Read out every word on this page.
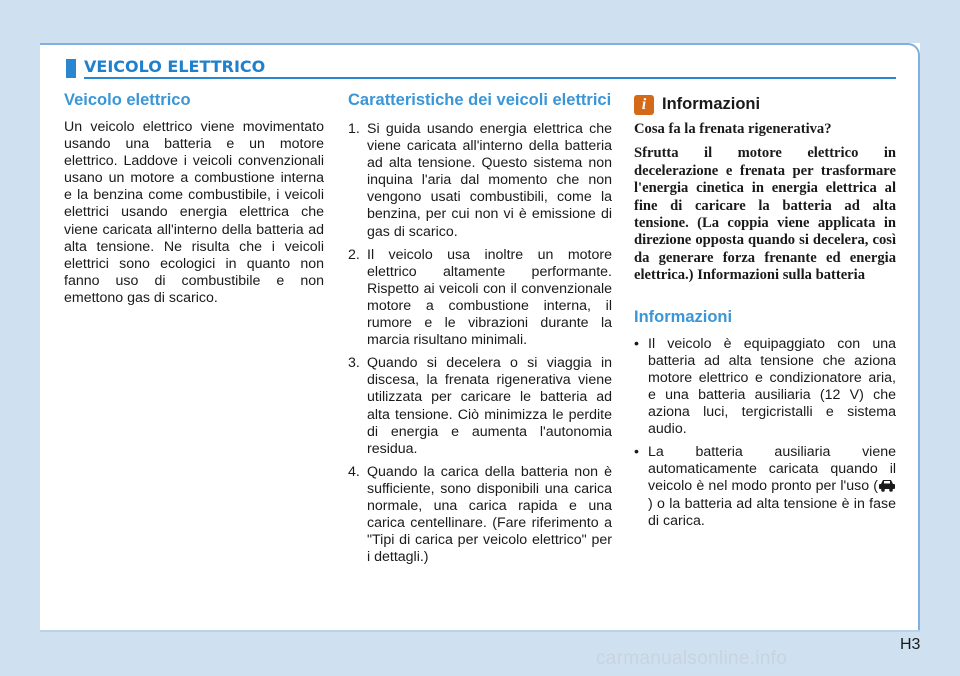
VEICOLO ELETTRICO
Veicolo elettrico

Un veicolo elettrico viene movimentato usando una batteria e un motore elettrico. Laddove i veicoli convenzionali usano un motore a combustione interna e la benzina come combustibile, i veicoli elettrici usando energia elettrica che viene caricata all'interno della batteria ad alta tensione. Ne risulta che i veicoli elettrici sono ecologici in quanto non fanno uso di combustibile e non emettono gas di scarico.

Caratteristiche dei veicoli elettrici
1. Si guida usando energia elettrica che viene caricata all'interno della batteria ad alta tensione. Questo sistema non inquina l'aria dal momento che non vengono usati combustibili, come la benzina, per cui non vi è emissione di gas di scarico.
2. Il veicolo usa inoltre un motore elettrico altamente performante. Rispetto ai veicoli con il convenzionale motore a combustione interna, il rumore e le vibrazioni durante la marcia risultano minimali.
3. Quando si decelera o si viaggia in discesa, la frenata rigenerativa viene utilizzata per caricare le batteria ad alta tensione. Ciò minimizza le perdite di energia e aumenta l'autonomia residua.
4. Quando la carica della batteria non è sufficiente, sono disponibili una carica normale, una carica rapida e una carica centellinare. (Fare riferimento a "Tipi di carica per veicolo elettrico" per i dettagli.)
i Informazioni

Cosa fa la frenata rigenerativa?

Sfrutta il motore elettrico in decelerazione e frenata per trasformare l'energia cinetica in energia elettrica al fine di caricare la batteria ad alta tensione. (La coppia viene applicata in direzione opposta quando si decelera, così da generare forza frenante ed energia elettrica.) Informazioni sulla batteria

Informazioni
• Il veicolo è equipaggiato con una batteria ad alta tensione che aziona motore elettrico e condizionatore aria, e una batteria ausiliaria (12 V) che aziona luci, tergicristalli e sistema audio.
• La batteria ausiliaria viene automaticamente caricata quando il veicolo è nel modo pronto per l'uso () o la batteria ad alta tensione è in fase di carica.
H3
carmanualsonline.info
